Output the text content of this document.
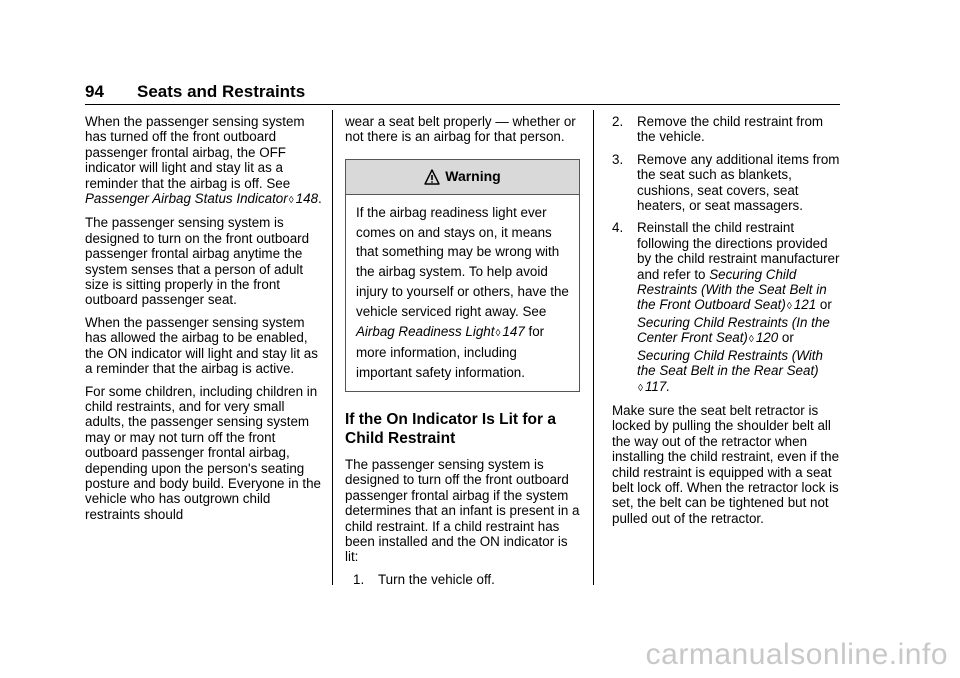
94 Seats and Restraints

When the passenger sensing system has turned off the front outboard passenger frontal airbag, the OFF indicator will light and stay lit as a reminder that the airbag is off. See Passenger Airbag Status Indicator◊ 148.

The passenger sensing system is designed to turn on the front outboard passenger frontal airbag anytime the system senses that a person of adult size is sitting properly in the front outboard passenger seat.

When the passenger sensing system has allowed the airbag to be enabled, the ON indicator will light and stay lit as a reminder that the airbag is active.

For some children, including children in child restraints, and for very small adults, the passenger sensing system may or may not turn off the front outboard passenger frontal airbag, depending upon the person's seating posture and body build. Everyone in the vehicle who has outgrown child restraints should

wear a seat belt properly — whether or not there is an airbag for that person.

Warning
If the airbag readiness light ever comes on and stays on, it means that something may be wrong with the airbag system. To help avoid injury to yourself or others, have the vehicle serviced right away. See Airbag Readiness Light◊ 147 for more information, including important safety information.
If the On Indicator Is Lit for a Child Restraint

The passenger sensing system is designed to turn off the front outboard passenger frontal airbag if the system determines that an infant is present in a child restraint. If a child restraint has been installed and the ON indicator is lit:

1.	Turn the vehicle off.
2.	Remove the child restraint from the vehicle.
3.	Remove any additional items from the seat such as blankets, cushions, seat covers, seat heaters, or seat massagers.
4.	Reinstall the child restraint following the directions provided by the child restraint manufacturer and refer to Securing Child Restraints (With the Seat Belt in the Front Outboard Seat)◊ 121 or Securing Child Restraints (In the Center Front Seat)◊ 120 or Securing Child Restraints (With the Seat Belt in the Rear Seat)
◊ 117.

Make sure the seat belt retractor is locked by pulling the shoulder belt all the way out of the retractor when installing the child restraint, even if the child restraint is equipped with a seat belt lock off. When the retractor lock is set, the belt can be tightened but not pulled out of the retractor.

carmanualsonline.info
